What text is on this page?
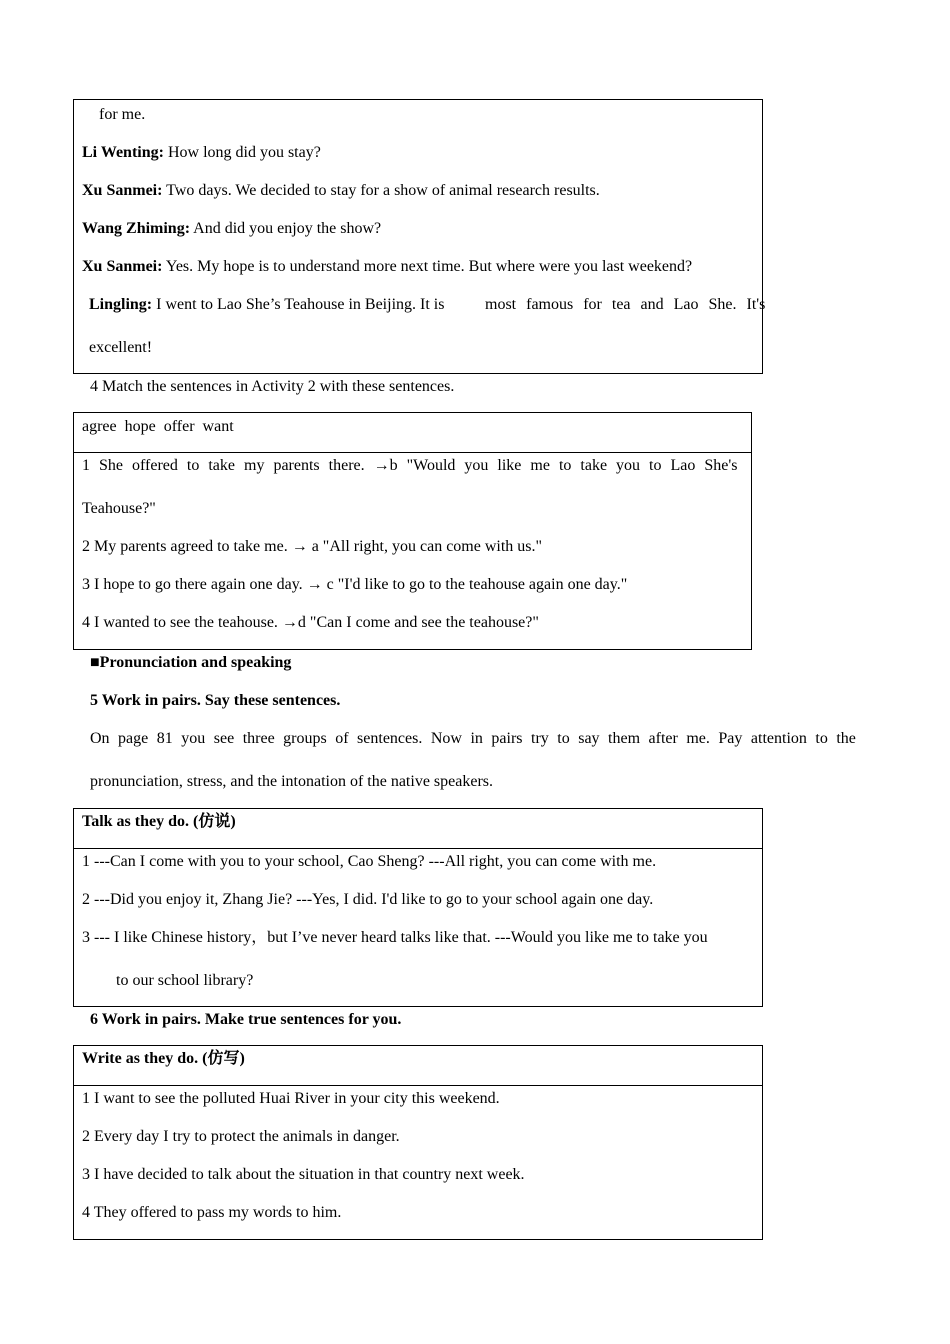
for me.
Li Wenting: How long did you stay?
Xu Sanmei: Two days. We decided to stay for a show of animal research results.
Wang Zhiming: And did you enjoy the show?
Xu Sanmei: Yes. My hope is to understand more next time. But where were you last weekend?
Lingling: I went to Lao She’s Teahouse in Beijing. It is	most famous for tea and Lao She. It's
excellent!
4 Match the sentences in Activity 2 with these sentences.
agree  hope  offer  want
1 She offered to take my parents there. →b "Would you like me to take you to Lao She's
Teahouse?"
2 My parents agreed to take me. → a "All right, you can come with us."
3 I hope to go there again one day. → c "I'd like to go to the teahouse again one day."
4 I wanted to see the teahouse. →d "Can I come and see the teahouse?"
■Pronunciation and speaking
5 Work in pairs. Say these sentences.
On page 81 you see three groups of sentences. Now in pairs try to say them after me. Pay attention to the
pronunciation, stress, and the intonation of the native speakers.
Talk as they do. (仿说)
1 ---Can I come with you to your school, Cao Sheng? ---All right, you can come with me.
2 ---Did you enjoy it, Zhang Jie? ---Yes, I did. I'd like to go to your school again one day.
3 --- I like Chinese history，but I’ve never heard talks like that. ---Would you like me to take you
to our school library?
6 Work in pairs. Make true sentences for you.
Write as they do. (仿写)
1 I want to see the polluted Huai River in your city this weekend.
2 Every day I try to protect the animals in danger.
3 I have decided to talk about the situation in that country next week.
4 They offered to pass my words to him.
